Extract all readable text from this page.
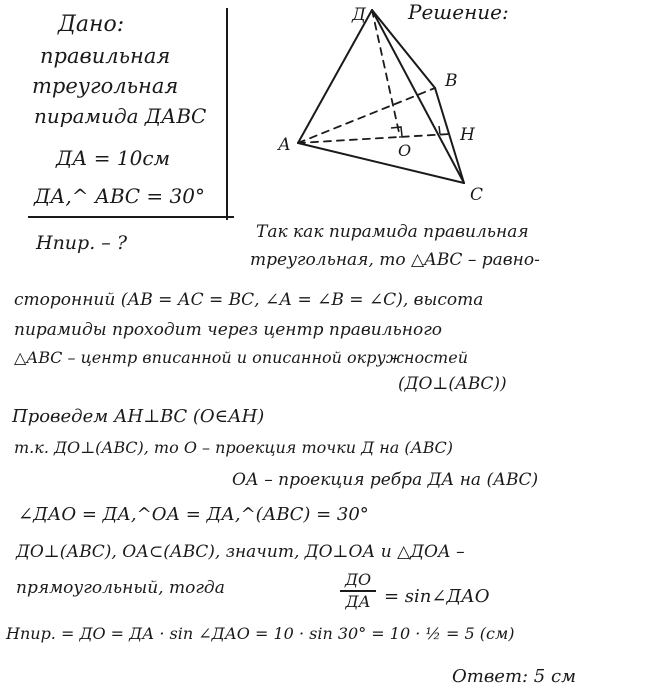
Дано:
правильная
треугольная
пирамида ДАВС
ДА = 10см
ДА,^ АВС = 30°
Нпир. – ?
Д
А
В
С
Н
О
Решение:
Так как пирамида правильная
треугольная, то △АВС – равно-
сторонний (АВ = АС = ВС, ∠А = ∠В = ∠С), высота
пирамиды проходит через центр правильного
△АВС – центр вписанной и описанной окружностей
(ДО⊥(АВС))
Проведем АН⊥ВС (О∈АН)
т.к. ДО⊥(АВС), то О – проекция точки Д на (АВС)
ОА – проекция ребра ДА на (АВС)
∠ДАО = ДА,^ОА = ДА,^(АВС) = 30°
ДО⊥(АВС), ОА⊂(АВС), значит, ДО⊥ОА и △ДОА –
прямоугольный, тогда	ДО
ДА = sin∠ДАО
Нпир. = ДО = ДА · sin ∠ДАО = 10 · sin 30° = 10 · ½ = 5 (см)
Ответ: 5 см
